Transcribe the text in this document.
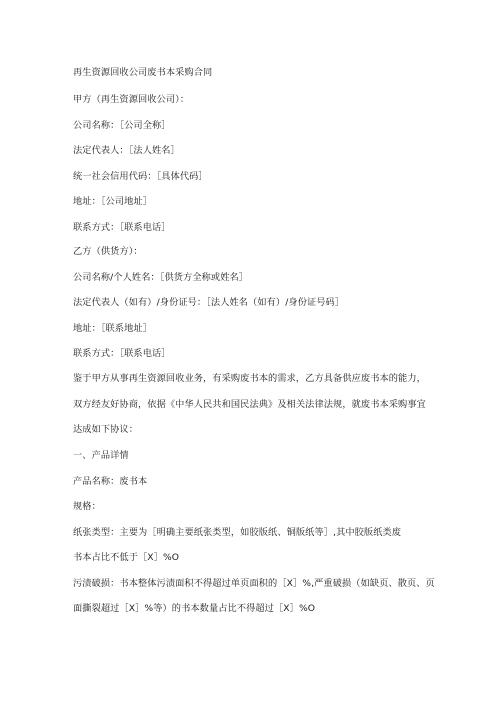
再生资源回收公司废书本采购合同

甲方（再生资源回收公司）：

公司名称：［公司全称］

法定代表人：［法人姓名］

统一社会信用代码：［具体代码］

地址：［公司地址］

联系方式：［联系电话］

乙方（供货方）：

公司名称/个人姓名：［供货方全称或姓名］

法定代表人（如有）/身份证号：［法人姓名（如有）/身份证号码］

地址：［联系地址］

联系方式：［联系电话］

鉴于甲方从事再生资源回收业务，有采购废书本的需求，乙方具备供应废书本的能力，

双方经友好协商，依据《中华人民共和国民法典》及相关法律法规，就废书本采购事宜

达成如下协议：

一、产品详情

产品名称：废书本

规格：

纸张类型：主要为［明确主要纸张类型，如胶版纸、铜版纸等］,其中胶版纸类废

书本占比不低于［X］%O

污渍破损：书本整体污渍面积不得超过单页面积的［X］%,严重破损（如缺页、散页、页

面撕裂超过［X］%等）的书本数量占比不得超过［X］%O
